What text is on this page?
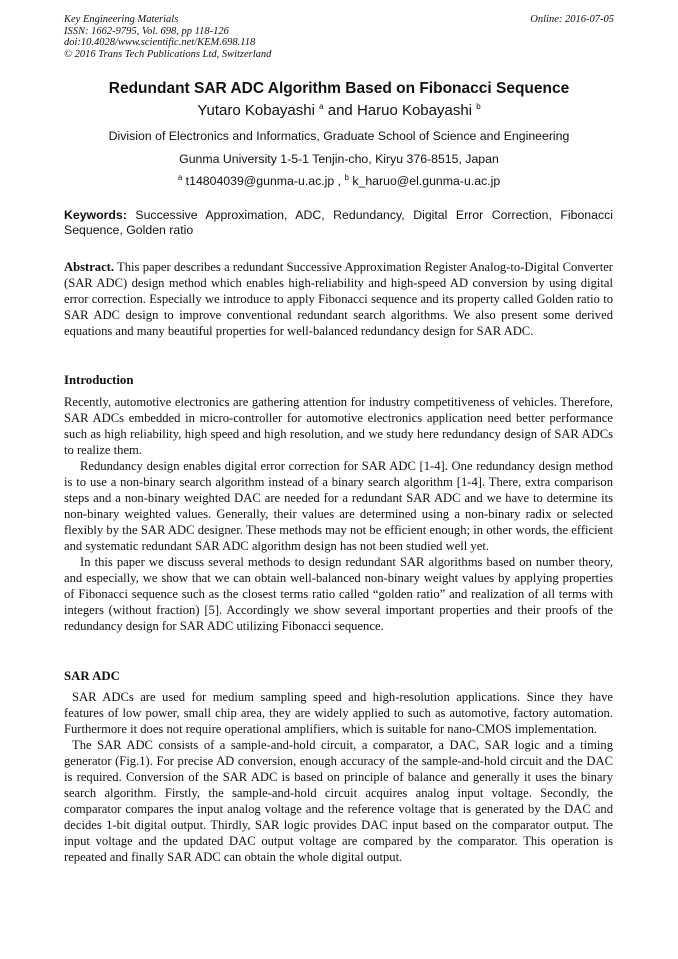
Key Engineering Materials
ISSN: 1662-9795, Vol. 698, pp 118-126
doi:10.4028/www.scientific.net/KEM.698.118
© 2016 Trans Tech Publications Ltd, Switzerland
Online: 2016-07-05
Redundant SAR ADC Algorithm Based on Fibonacci Sequence
Yutaro Kobayashi $^a$ and Haruo Kobayashi $^b$
Division of Electronics and Informatics, Graduate School of Science and Engineering
Gunma University 1-5-1 Tenjin-cho, Kiryu 376-8515, Japan
$^a$ t14804039@gunma-u.ac.jp , $^b$ k_haruo@el.gunma-u.ac.jp
Keywords: Successive Approximation, ADC, Redundancy, Digital Error Correction, Fibonacci Sequence, Golden ratio

Abstract. This paper describes a redundant Successive Approximation Register Analog-to-Digital Converter (SAR ADC) design method which enables high-reliability and high-speed AD conversion by using digital error correction. Especially we introduce to apply Fibonacci sequence and its property called Golden ratio to SAR ADC design to improve conventional redundant search algorithms. We also present some derived equations and many beautiful properties for well-balanced redundancy design for SAR ADC.

Introduction

Recently, automotive electronics are gathering attention for industry competitiveness of vehicles. Therefore, SAR ADCs embedded in micro-controller for automotive electronics application need better performance such as high reliability, high speed and high resolution, and we study here redundancy design of SAR ADCs to realize them.

Redundancy design enables digital error correction for SAR ADC [1-4]. One redundancy design method is to use a non-binary search algorithm instead of a binary search algorithm [1-4]. There, extra comparison steps and a non-binary weighted DAC are needed for a redundant SAR ADC and we have to determine its non-binary weighted values. Generally, their values are determined using a non-binary radix or selected flexibly by the SAR ADC designer. These methods may not be efficient enough; in other words, the efficient and systematic redundant SAR ADC algorithm design has not been studied well yet.

In this paper we discuss several methods to design redundant SAR algorithms based on number theory, and especially, we show that we can obtain well-balanced non-binary weight values by applying properties of Fibonacci sequence such as the closest terms ratio called “golden ratio” and realization of all terms with integers (without fraction) [5]. Accordingly we show several important properties and their proofs of the redundancy design for SAR ADC utilizing Fibonacci sequence.

SAR ADC

SAR ADCs are used for medium sampling speed and high-resolution applications. Since they have features of low power, small chip area, they are widely applied to such as automotive, factory automation. Furthermore it does not require operational amplifiers, which is suitable for nano-CMOS implementation.

The SAR ADC consists of a sample-and-hold circuit, a comparator, a DAC, SAR logic and a timing generator (Fig.1). For precise AD conversion, enough accuracy of the sample-and-hold circuit and the DAC is required. Conversion of the SAR ADC is based on principle of balance and generally it uses the binary search algorithm. Firstly, the sample-and-hold circuit acquires analog input voltage. Secondly, the comparator compares the input analog voltage and the reference voltage that is generated by the DAC and decides 1-bit digital output. Thirdly, SAR logic provides DAC input based on the comparator output. The input voltage and the updated DAC output voltage are compared by the comparator. This operation is repeated and finally SAR ADC can obtain the whole digital output.
